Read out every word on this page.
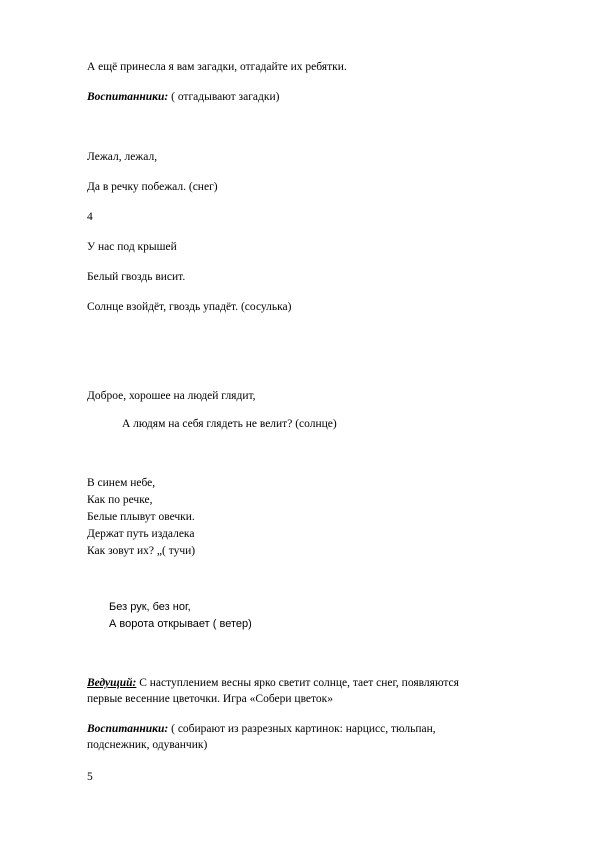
А ещё принесла я вам загадки, отгадайте их ребятки.
Воспитанники: ( отгадывают загадки)
Лежал, лежал,
Да в речку побежал. (снег)
4
У нас под крышей
Белый гвоздь висит.
Солнце взойдёт, гвоздь упадёт. (сосулька)
Доброе, хорошее на людей глядит,
А людям на себя глядеть не велит? (солнце)
В синем небе,
Как по речке,
Белые плывут овечки.
Держат путь издалека
Как зовут их? „( тучи)
Без рук, без ног,
А ворота открывает ( ветер)
Ведущий: С наступлением весны ярко светит солнце, тает снег, появляются
первые весенние цветочки. Игра «Собери цветок»
Воспитанники: ( собирают из разрезных картинок: нарцисс, тюльпан,
подснежник, одуванчик)
5
